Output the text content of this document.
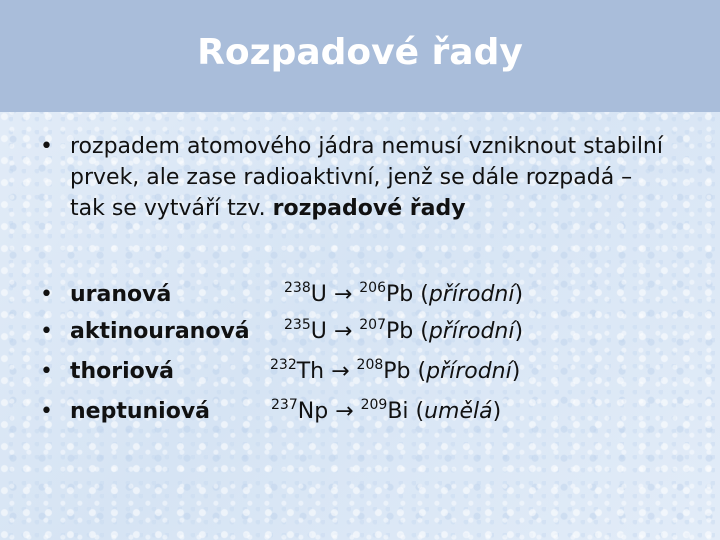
Rozpadové řady
• rozpadem atomového jádra nemusí vzniknout stabilní prvek, ale zase radioaktivní, jenž se dále rozpadá – tak se vytváří tzv. rozpadové řady
• uranová	$^{238}$U → $^{206}$Pb (přírodní)
• aktinouranová $^{235}$U → $^{207}$Pb (přírodní)
• thoriová	$^{232}$Th → $^{208}$Pb (přírodní)
• neptuniová	$^{237}$Np → $^{209}$Bi (umělá)
